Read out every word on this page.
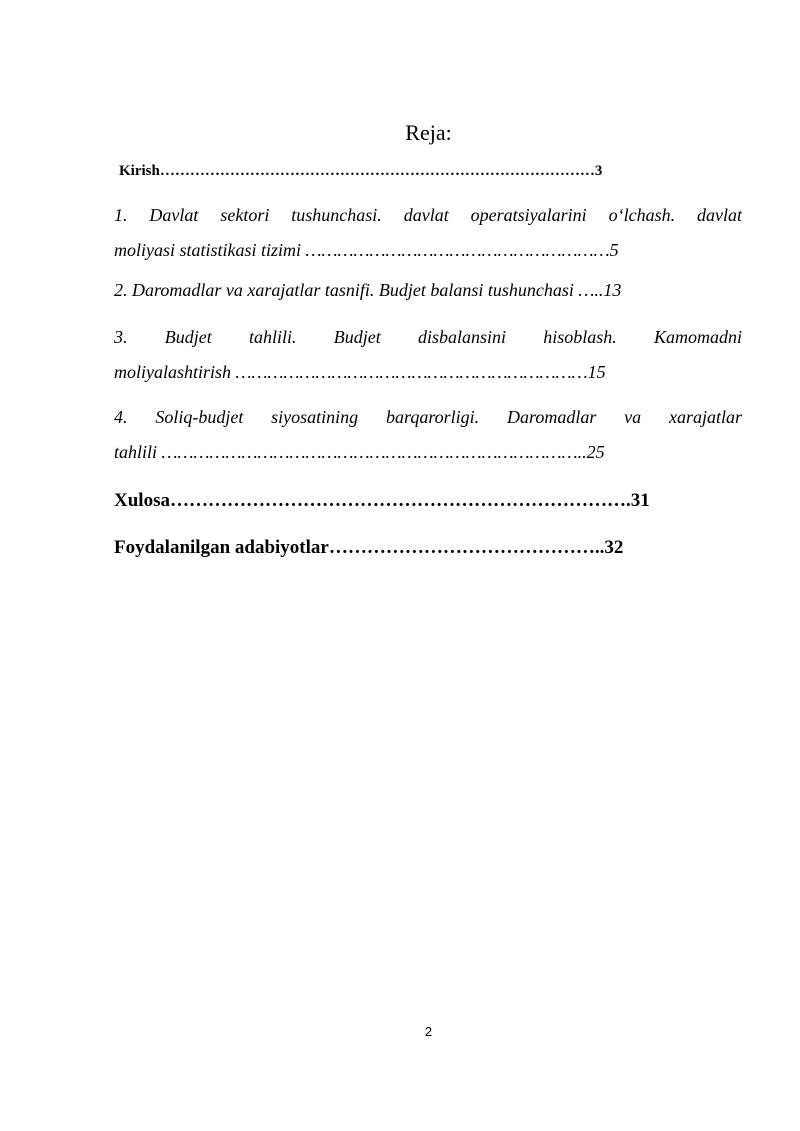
Reja:
Kirish……………………………………………………………………………3
1. Davlat sektori tushunchasi. davlat operatsiyalarini o‘lchash. davlat
moliyasi statistikasi tizimi …………………………………………………5
2. Daromadlar va xarajatlar tasnifi. Budjet balansi tushunchasi …..13
3. Budjet tahlili. Budjet disbalansini hisoblash. Kamomadni
moliyalashtirish …………………………………………………………15
4. Soliq-budjet siyosatining barqarorligi. Daromadlar va xarajatlar
tahlili ……………………………………………………………………..25
Xulosa……………………………………………………………….31
Foydalanilgan adabiyotlar……………………………………..32
2
